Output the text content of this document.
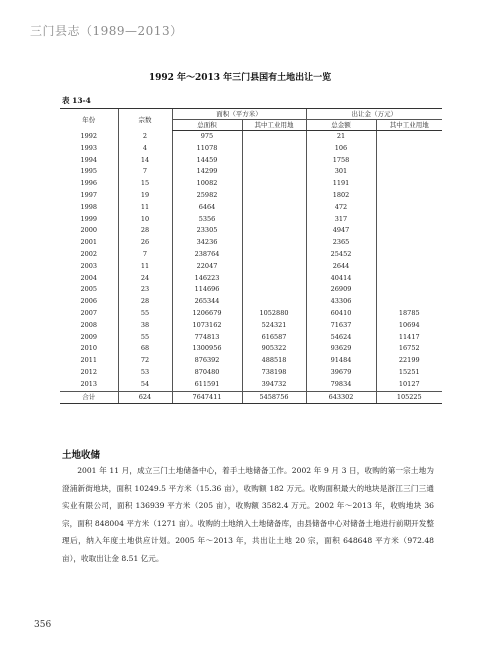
三门县志（1989—2013）
1992 年～2013 年三门县国有土地出让一览
表 13-4
年份	宗数	面积（平方米）		出让金（万元）	
		总面积	其中工业用地	总金额	其中工业用地
1992	2	975		21	
1993	4	11078		106	
1994	14	14459		1758	
1995	7	14299		301	
1996	15	10082		1191	
1997	19	25982		1802	
1998	11	6464		472	
1999	10	5356		317	
2000	28	23305		4947	
2001	26	34236		2365	
2002	7	238764		25452	
2003	11	22047		2644	
2004	24	146223		40414	
2005	23	114696		26909	
2006	28	265344		43306	
2007	55	1206679	1052880	60410	18785
2008	38	1073162	524321	71637	10694
2009	55	774813	616587	54624	11417
2010	68	1300956	905322	93629	16752
2011	72	876392	488518	91484	22199
2012	53	870480	738198	39679	15251
2013	54	611591	394732	79834	10127
合计	624	7647411	5458756	643302	105225
土地收储
2001 年 11 月，成立三门土地储备中心，着手土地储备工作。2002 年 9 月 3 日，收购的第一宗土地为澄浦新街地块，面积 10249.5 平方米（15.36 亩），收购额 182 万元。收购面积最大的地块是浙江三门三通实业有限公司，面积 136939 平方米（205 亩），收购额 3582.4 万元。2002 年～2013 年，收购地块 36 宗，面积 848004 平方米（1271 亩）。收购的土地纳入土地储备库，由县储备中心对储备土地进行前期开发整理后，纳入年度土地供应计划。2005 年～2013 年，共出让土地 20 宗，面积 648648 平方米（972.48 亩），收取出让金 8.51 亿元。
356
